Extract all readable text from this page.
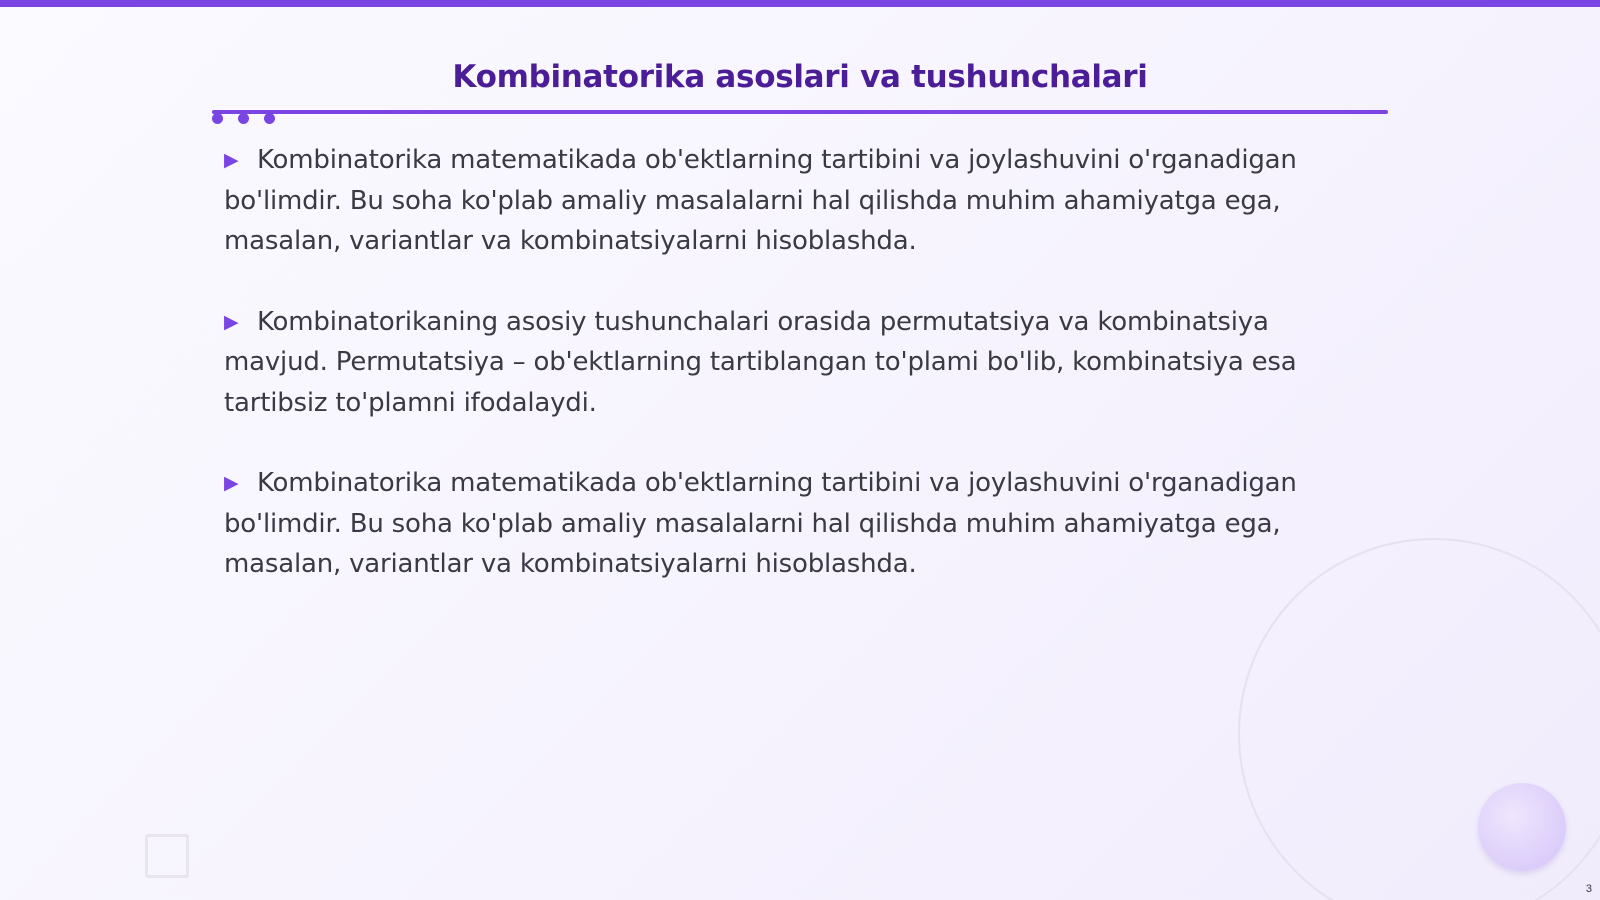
Kombinatorika asoslari va tushunchalari

▶ Kombinatorika matematikada ob'ektlarning tartibini va joylashuvini o'rganadigan bo'limdir. Bu soha ko'plab amaliy masalalarni hal qilishda muhim ahamiyatga ega, masalan, variantlar va kombinatsiyalarni hisoblashda.

▶ Kombinatorikaning asosiy tushunchalari orasida permutatsiya va kombinatsiya mavjud. Permutatsiya – ob'ektlarning tartiblangan to'plami bo'lib, kombinatsiya esa tartibsiz to'plamni ifodalaydi.

▶ Kombinatorika matematikada ob'ektlarning tartibini va joylashuvini o'rganadigan bo'limdir. Bu soha ko'plab amaliy masalalarni hal qilishda muhim ahamiyatga ega, masalan, variantlar va kombinatsiyalarni hisoblashda.

3
